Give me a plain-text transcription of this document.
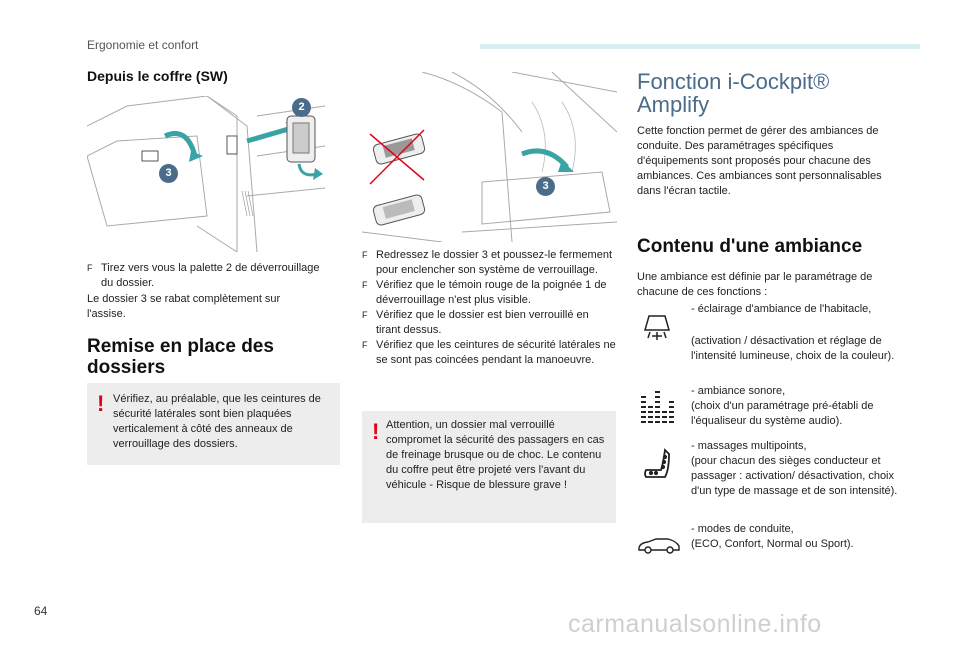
Ergonomie et confort
Depuis le coffre (SW)
2
3
F Tirez vers vous la palette 2 de déverrouillage du dossier.
Le dossier 3 se rabat complètement sur
l'assise.
Remise en place des dossiers
! Vérifiez, au préalable, que les ceintures de sécurité latérales sont bien plaquées verticalement à côté des anneaux de verrouillage des dossiers.
3
F Redressez le dossier 3 et poussez-le fermement pour enclencher son système de verrouillage.
F Vérifiez que le témoin rouge de la poignée 1 de déverrouillage n'est plus visible.
F Vérifiez que le dossier est bien verrouillé en tirant dessus.
F Vérifiez que les ceintures de sécurité latérales ne se sont pas coincées pendant la manoeuvre.
! Attention, un dossier mal verrouillé compromet la sécurité des passagers en cas de freinage brusque ou de choc. Le contenu du coffre peut être projeté vers l'avant du véhicule - Risque de blessure grave !
Fonction i-Cockpit®
Amplify
Cette fonction permet de gérer des ambiances de conduite. Des paramétrages spécifiques d'équipements sont proposés pour chacune des ambiances. Ces ambiances sont personnalisables dans l'écran tactile.
Contenu d'une ambiance
Une ambiance est définie par le paramétrage de chacune de ces fonctions :
- éclairage d'ambiance de l'habitacle,
(activation / désactivation et réglage de l'intensité lumineuse, choix de la couleur).
- ambiance sonore,
(choix d'un paramétrage pré-établi de l'équaliseur du système audio).
- massages multipoints,
(pour chacun des sièges conducteur et passager : activation/ désactivation, choix d'un type de massage et de son intensité).
- modes de conduite,
(ECO, Confort, Normal ou Sport).
64	carmanualsonline.info
